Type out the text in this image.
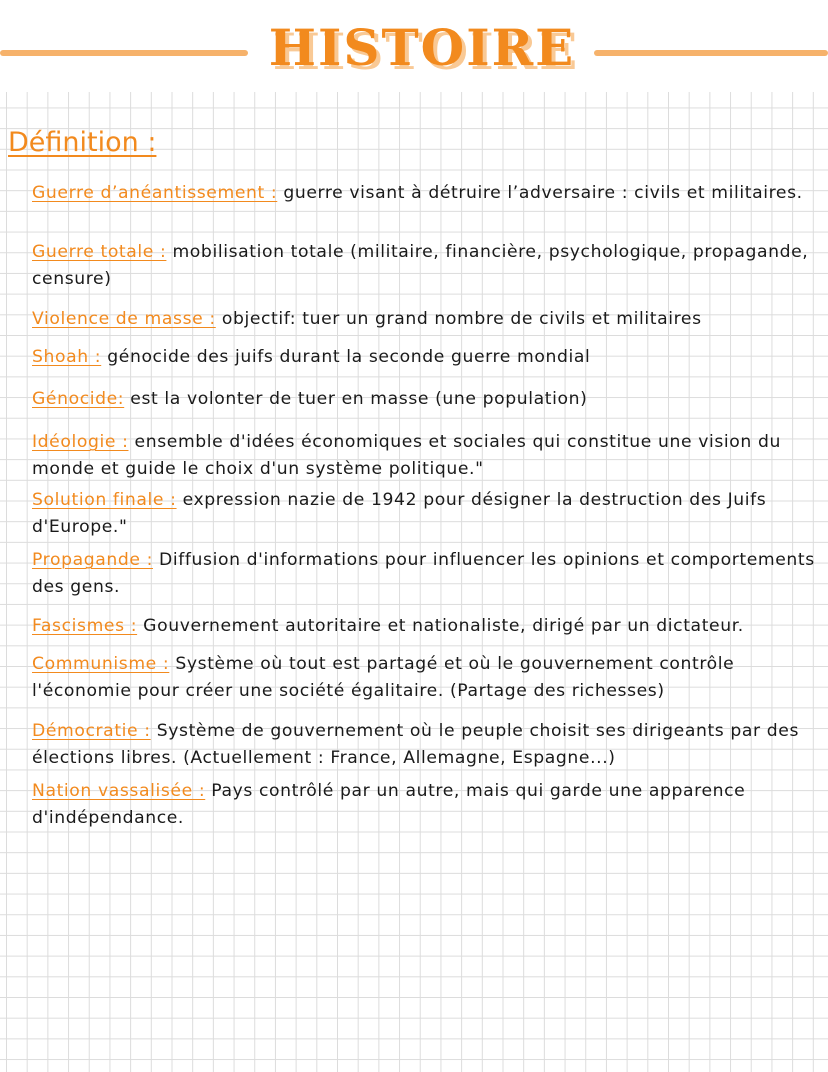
HISTOIRE
Définition :
Guerre d’anéantissement : guerre visant à détruire l’adversaire : civils et militaires.
Guerre totale : mobilisation totale (militaire, financière, psychologique, propagande, censure)
Violence de masse : objectif: tuer un grand nombre de civils et militaires
Shoah : génocide des juifs durant la seconde guerre mondial
Génocide: est la volonter de tuer en masse (une population)
Idéologie : ensemble d'idées économiques et sociales qui constitue une vision du monde et guide le choix d'un système politique."
Solution finale : expression nazie de 1942 pour désigner la destruction des Juifs d'Europe."
Propagande : Diffusion d'informations pour influencer les opinions et comportements des gens.
Fascismes : Gouvernement autoritaire et nationaliste, dirigé par un dictateur.
Communisme : Système où tout est partagé et où le gouvernement contrôle l'économie pour créer une société égalitaire. (Partage des richesses)
Démocratie : Système de gouvernement où le peuple choisit ses dirigeants par des élections libres. (Actuellement : France, Allemagne, Espagne...)
Nation vassalisée : Pays contrôlé par un autre, mais qui garde une apparence d'indépendance.
